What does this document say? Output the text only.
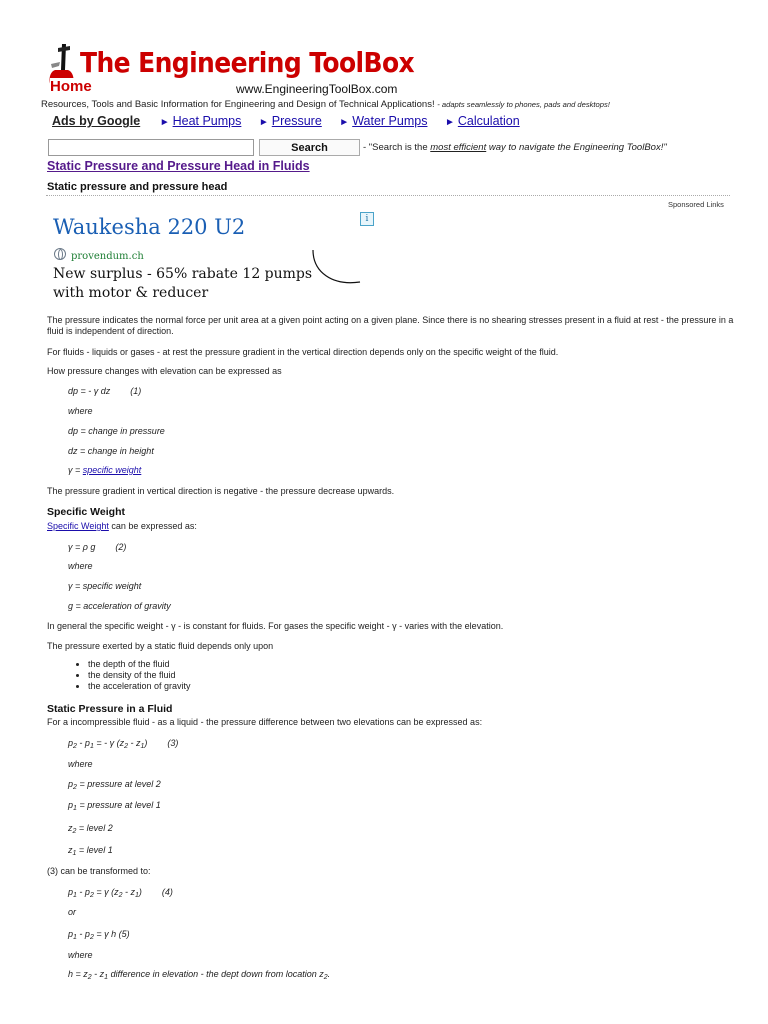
The Engineering ToolBox
www.EngineeringToolBox.com
Home
Resources, Tools and Basic Information for Engineering and Design of Technical Applications! - adapts seamlessly to phones, pads and desktops!
Ads by Google ► Heat Pumps ► Pressure ► Water Pumps ► Calculation
Search	- "Search is the most efficient way to navigate the Engineering ToolBox!"
Static Pressure and Pressure Head in Fluids
Static pressure and pressure head
Sponsored Links
Waukesha 220 U2	i
provendum.ch
New surplus - 65% rabate 12 pumps with motor & reducer
The pressure indicates the normal force per unit area at a given point acting on a given plane. Since there is no shearing stresses present in a fluid at rest - the pressure in a fluid is independent of direction.
For fluids - liquids or gases - at rest the pressure gradient in the vertical direction depends only on the specific weight of the fluid.
How pressure changes with elevation can be expressed as
dp = - γ dz (1)
where
dp = change in pressure
dz = change in height
γ = specific weight
The pressure gradient in vertical direction is negative - the pressure decrease upwards.
Specific Weight
Specific Weight can be expressed as:
γ = ρ g (2)
where
γ = specific weight
g = acceleration of gravity
In general the specific weight - γ - is constant for fluids. For gases the specific weight - γ - varies with the elevation.
The pressure exerted by a static fluid depends only upon
• the depth of the fluid
• the density of the fluid
• the acceleration of gravity
Static Pressure in a Fluid
For a incompressible fluid - as a liquid - the pressure difference between two elevations can be expressed as:
$p_2 - p_1$ = - γ $(z_2 - z_1)$ (3)
where
$p_2$ = pressure at level 2
$p_1$ = pressure at level 1
$z_2$ = level 2
$z_1$ = level 1
(3) can be transformed to:
$p_1 - p_2 = \gamma$ $(z_2 - z_1)$ (4)
or
$p_1 - p_2 = \gamma$ h (5)
where
$h = z_2 - z_1$ difference in elevation - the dept down from location $z_2$.
